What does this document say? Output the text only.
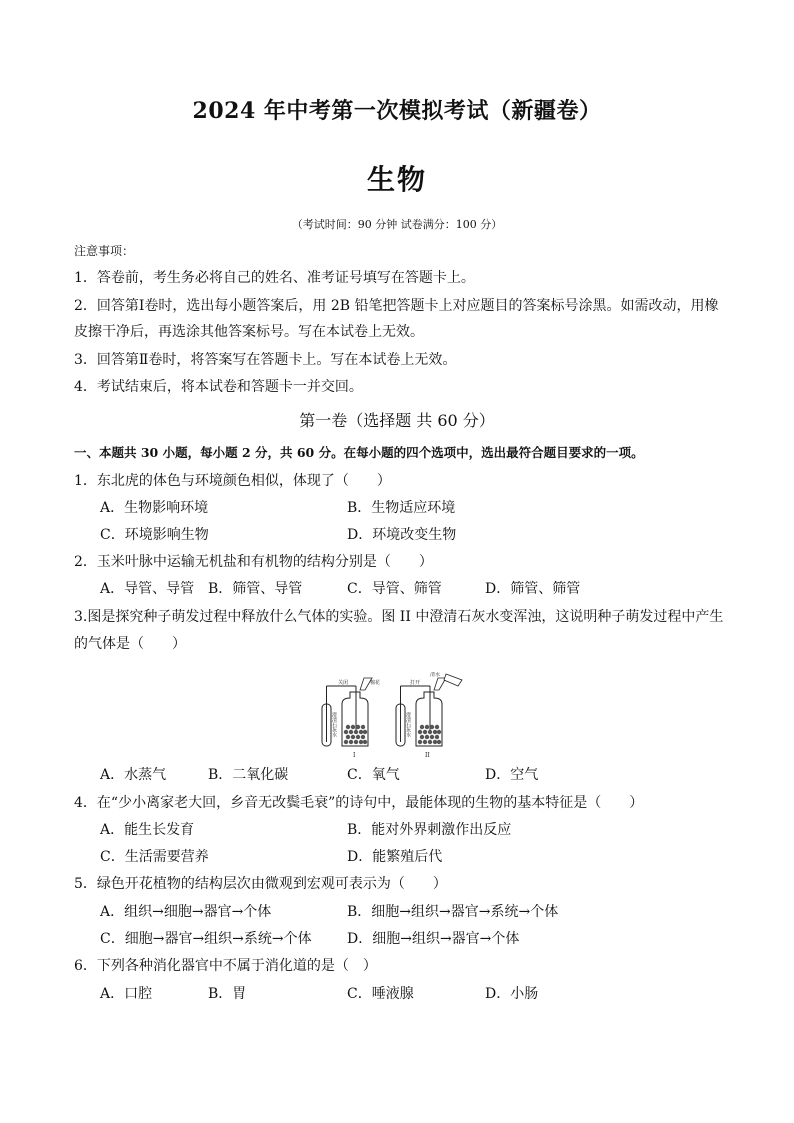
2024 年中考第一次模拟考试（新疆卷）
生物
（考试时间：90 分钟 试卷满分：100 分）
注意事项：
1．答卷前，考生务必将自己的姓名、准考证号填写在答题卡上。
2．回答第Ⅰ卷时，选出每小题答案后，用 2B 铅笔把答题卡上对应题目的答案标号涂黑。如需改动，用橡
皮擦干净后，再选涂其他答案标号。写在本试卷上无效。
3．回答第Ⅱ卷时，将答案写在答题卡上。写在本试卷上无效。
4．考试结束后，将本试卷和答题卡一并交回。
第一卷（选择题 共 60 分）
一、本题共 30 小题，每小题 2 分，共 60 分。在每小题的四个选项中，选出最符合题目要求的一项。
1．东北虎的体色与环境颜色相似，体现了（　　）
A．生物影响环境	B．生物适应环境
C．环境影响生物	D．环境改变生物
2．玉米叶脉中运输无机盐和有机物的结构分别是（　　）
A．导管、导管 B．筛管、导管	C．导管、筛管	D．筛管、筛管
3.图是探究种子萌发过程中释放什么气体的实验。图 II 中澄清石灰水变浑浊，这说明种子萌发过程中产生
的气体是（　　）
关闭	棉花
澄清石灰水
I
打开
清水
澄清石灰水
II
A．水蒸气	B．二氧化碳	C．氧气	D．空气
4．在“少小离家老大回，乡音无改鬓毛衰”的诗句中，最能体现的生物的基本特征是（　　）
A．能生长发育	B．能对外界刺激作出反应
C．生活需要营养	D．能繁殖后代
5．绿色开花植物的结构层次由微观到宏观可表示为（　　）
A．组织→细胞→器官→个体	B．细胞→组织→器官→系统→个体
C．细胞→器官→组织→系统→个体	D．细胞→组织→器官→个体
6．下列各种消化器官中不属于消化道的是（　）
A．口腔	B．胃	C．唾液腺	D．小肠
